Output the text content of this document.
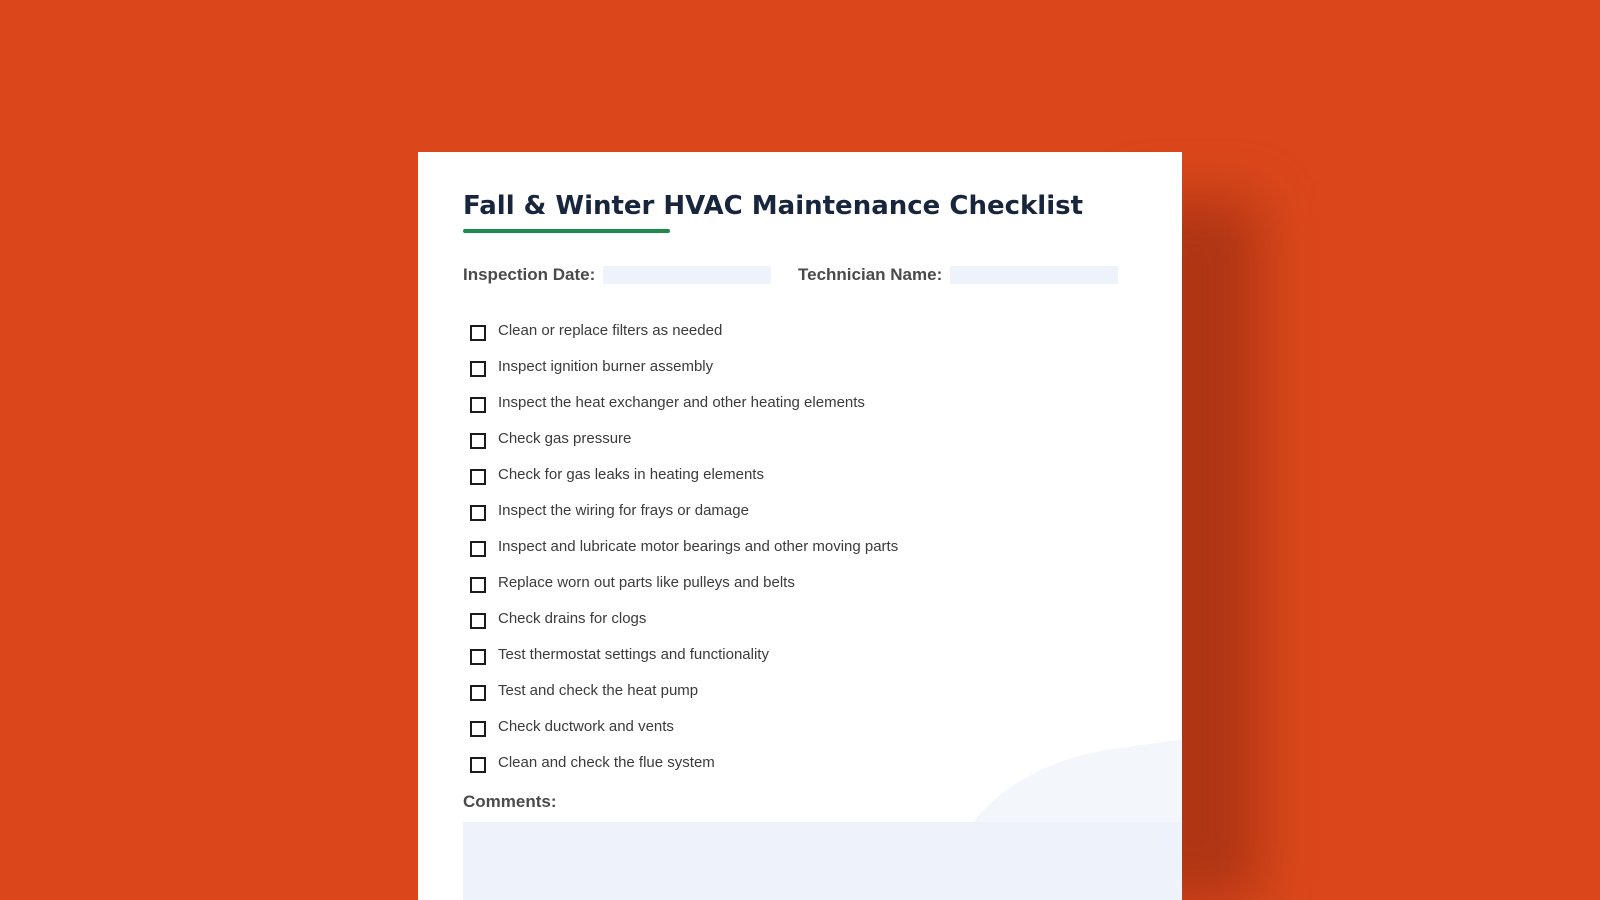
Fall & Winter HVAC Maintenance Checklist
Inspection Date:	Technician Name:
Clean or replace filters as needed
Inspect ignition burner assembly
Inspect the heat exchanger and other heating elements
Check gas pressure
Check for gas leaks in heating elements
Inspect the wiring for frays or damage
Inspect and lubricate motor bearings and other moving parts
Replace worn out parts like pulleys and belts
Check drains for clogs
Test thermostat settings and functionality
Test and check the heat pump
Check ductwork and vents
Clean and check the flue system
Comments:
